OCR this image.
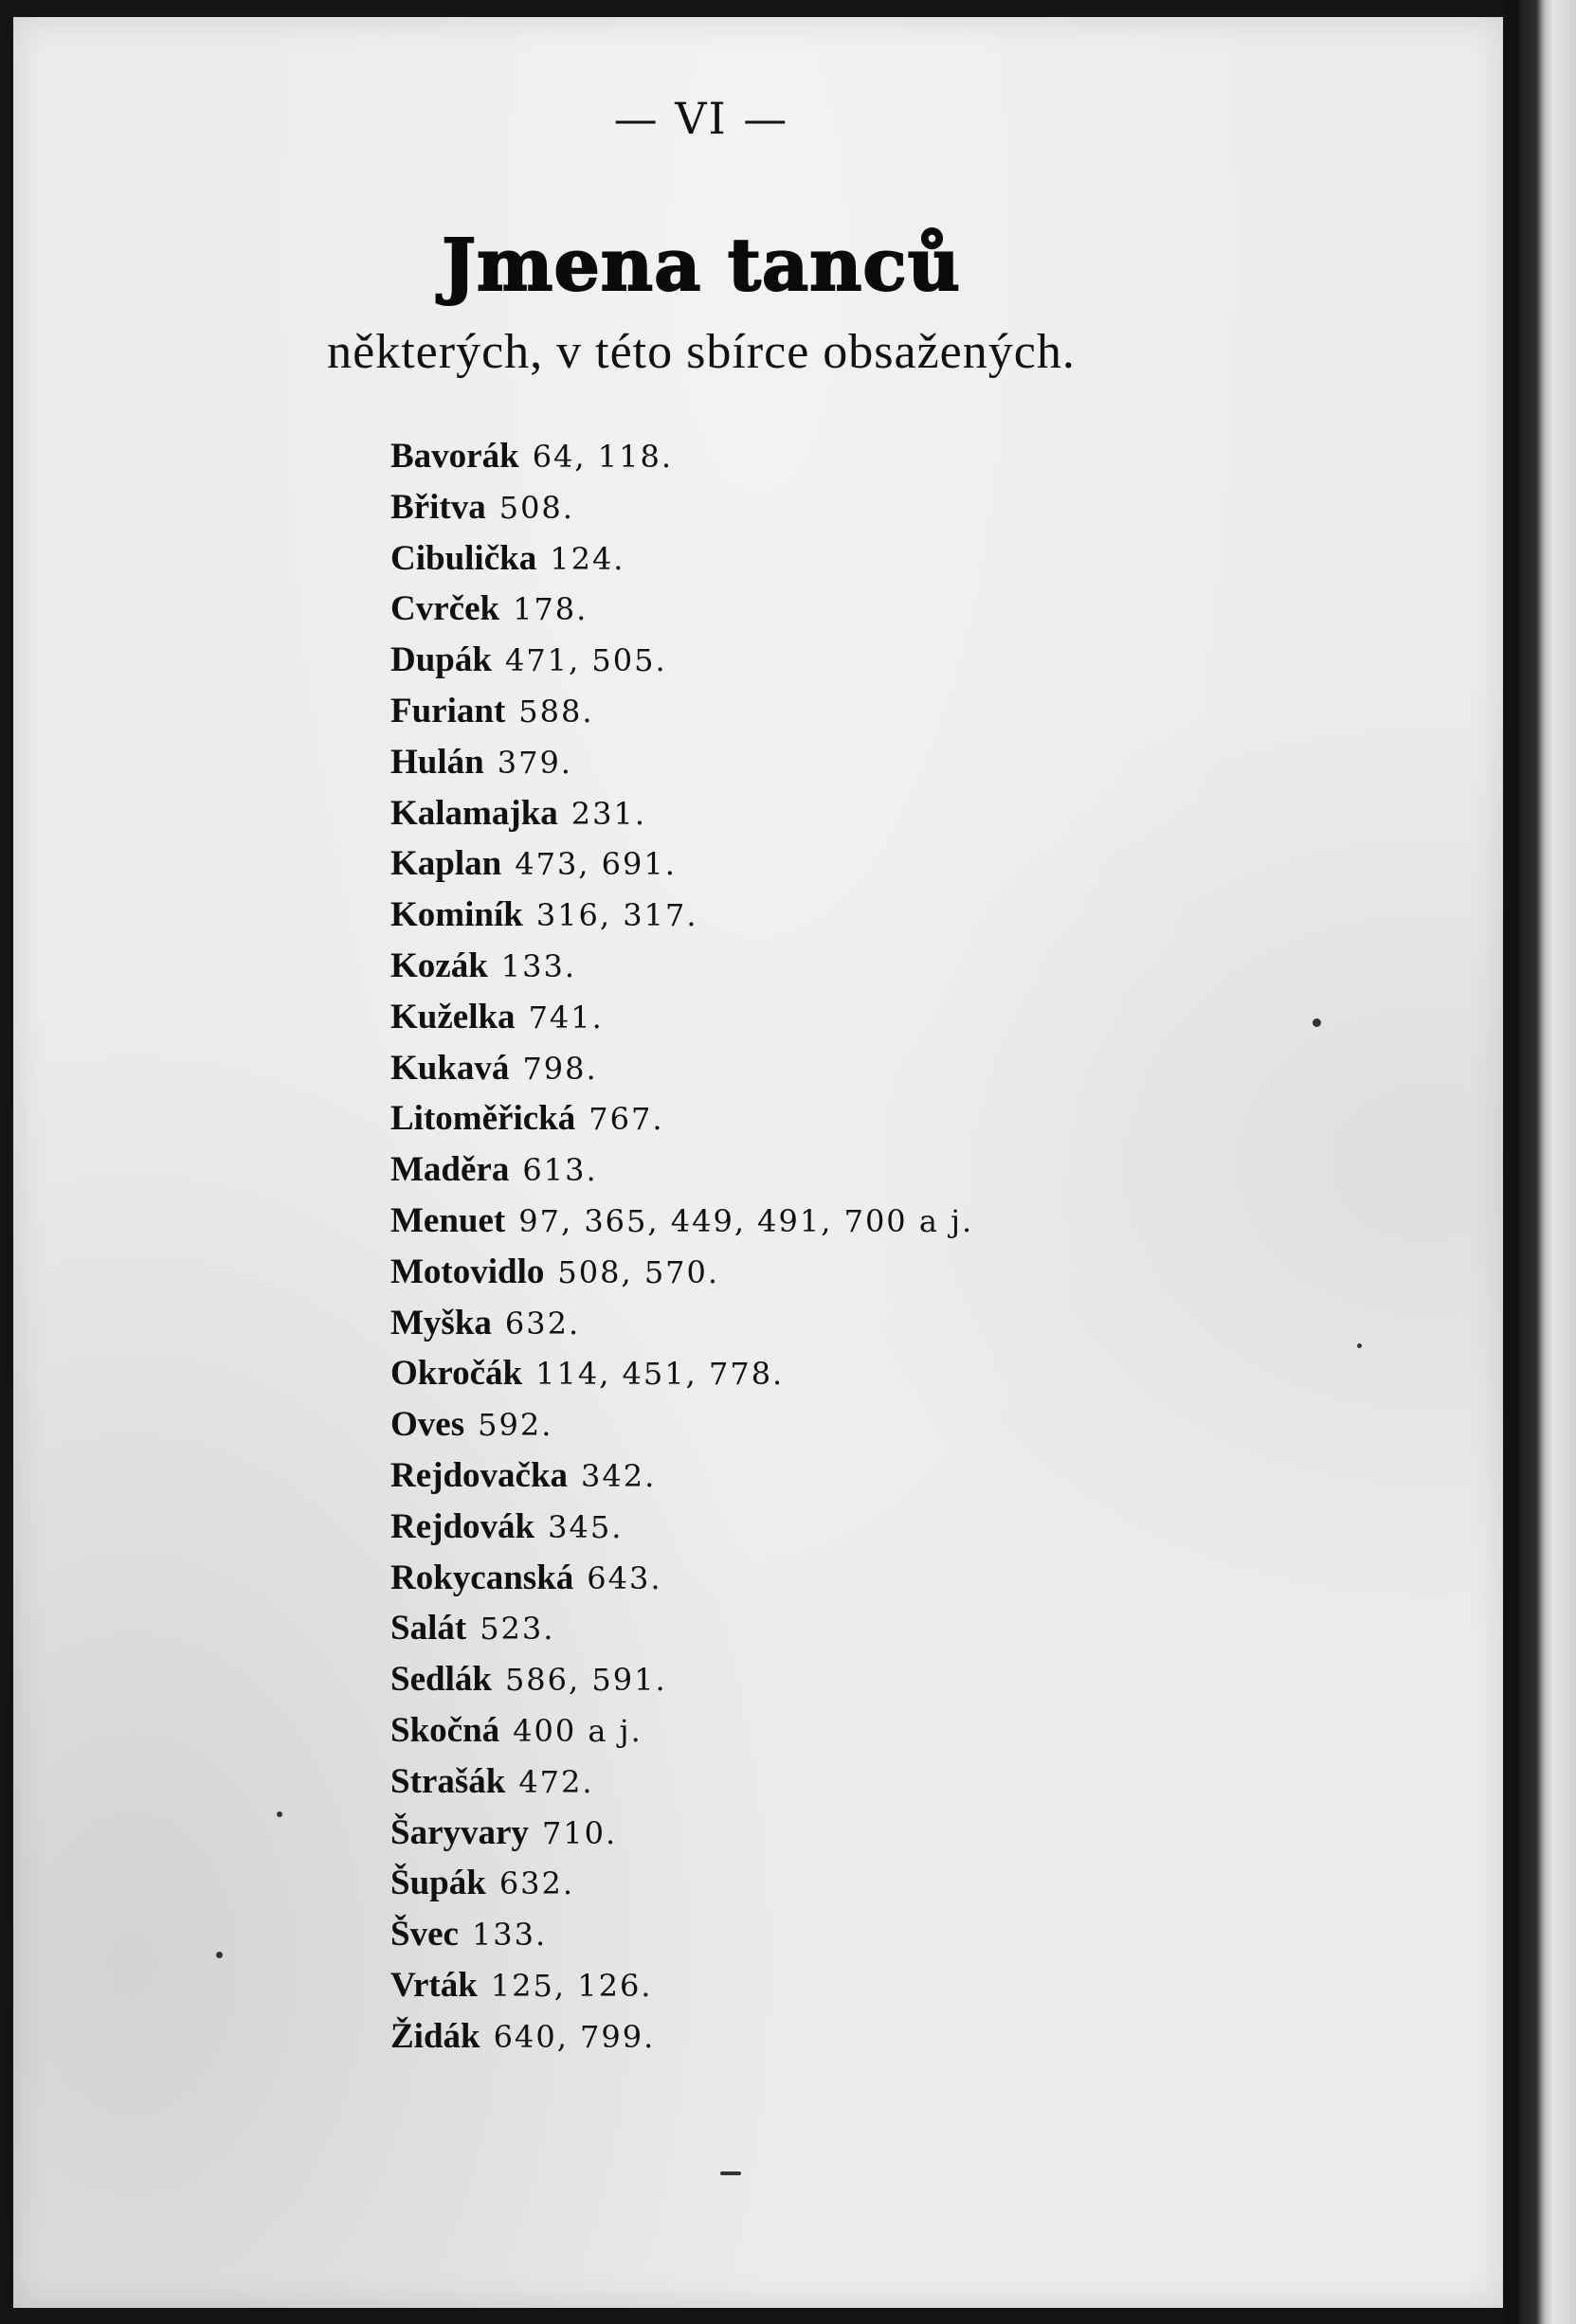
— VI —
Jmena tanců
některých, v této sbírce obsažených.
Bavorák 64, 118.
Břitva 508.
Cibulička 124.
Cvrček 178.
Dupák 471, 505.
Furiant 588.
Hulán 379.
Kalamajka 231.
Kaplan 473, 691.
Kominík 316, 317.
Kozák 133.
Kuželka 741.
Kukavá 798.
Litoměřická 767.
Maděra 613.
Menuet 97, 365, 449, 491, 700 a j.
Motovidlo 508, 570.
Myška 632.
Okročák 114, 451, 778.
Oves 592.
Rejdovačka 342.
Rejdovák 345.
Rokycanská 643.
Salát 523.
Sedlák 586, 591.
Skočná 400 a j.
Strašák 472.
Šaryvary 710.
Šupák 632.
Švec 133.
Vrták 125, 126.
Židák 640, 799.
